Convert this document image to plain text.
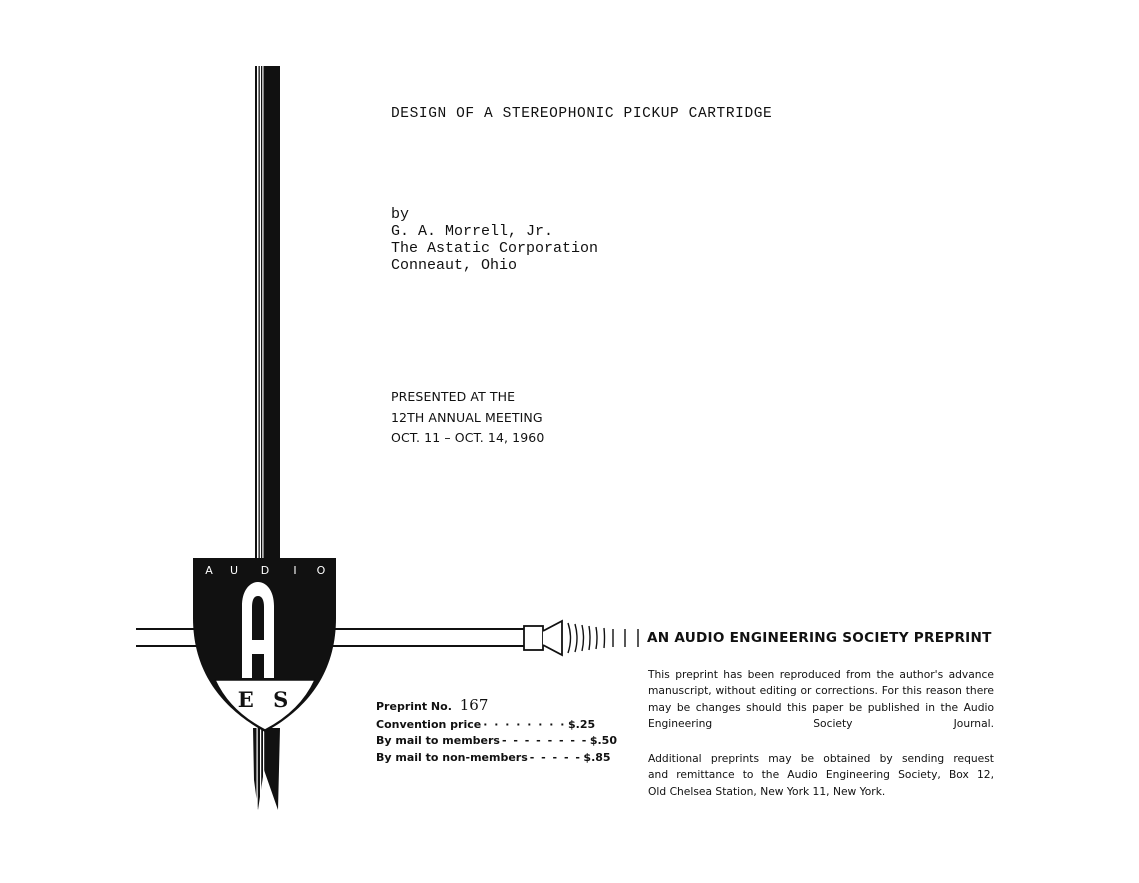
A U D I O
E S
DESIGN OF A STEREOPHONIC PICKUP CARTRIDGE
by
G. A. Morrell, Jr.
The Astatic Corporation
Conneaut, Ohio
PRESENTED AT THE
12TH ANNUAL MEETING
OCT. 11 – OCT. 14, 1960
AN AUDIO ENGINEERING SOCIETY PREPRINT
This preprint has been reproduced from the author's advance manuscript, without editing or corrections. For this reason there may be changes should this paper be published in the Audio Engineering Society Journal.
Additional preprints may be obtained by sending request
and remittance to the Audio Engineering Society, Box 12,
Old Chelsea Station, New York 11, New York.
Preprint No. 167
Convention price · · · · · · · · $.25
By mail to members - - - - - - - - $.50
By mail to non-members - - - - - $.85
